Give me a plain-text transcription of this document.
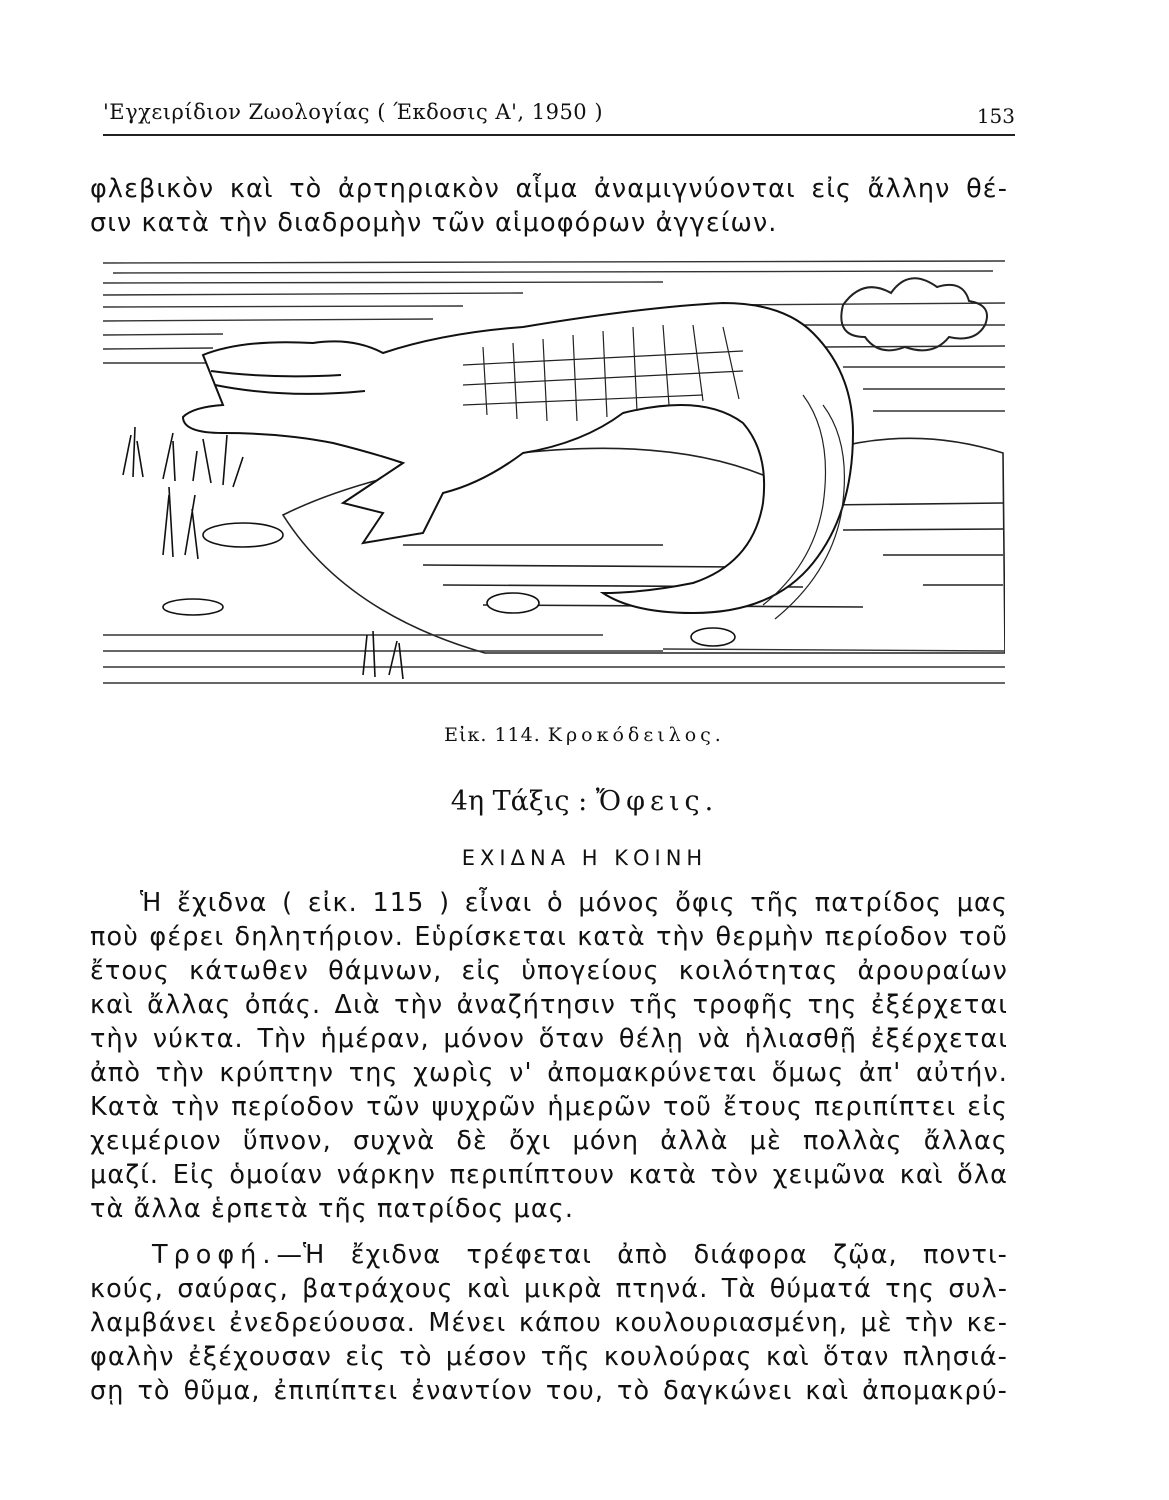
'Εγχειρίδιον Ζωολογίας ( Έκδοσις Α', 1950 )	153

φλεβικὸν καὶ τὸ ἀρτηριακὸν αἷμα ἀναμιγνύονται εἰς ἄλλην θέ-
σιν κατὰ τὴν διαδρομὴν τῶν αἱμοφόρων ἀγγείων.

Εἰκ. 114. Κροκόδειλος.
4η Τάξις : Ὄφεις.
ΕΧΙΔΝΑ Η ΚΟΙΝΗ

Ἡ ἔχιδνα ( εἰκ. 115 ) εἶναι ὁ μόνος ὄφις τῆς πατρίδος μας
ποὺ φέρει δηλητήριον. Εὑρίσκεται κατὰ τὴν θερμὴν περίοδον τοῦ
ἔτους κάτωθεν θάμνων, εἰς ὑπογείους κοιλότητας ἀρουραίων
καὶ ἄλλας ὀπάς. Διὰ τὴν ἀναζήτησιν τῆς τροφῆς της ἐξέρχεται
τὴν νύκτα. Τὴν ἡμέραν, μόνον ὅταν θέλῃ νὰ ἡλιασθῇ ἐξέρχεται
ἀπὸ τὴν κρύπτην της χωρὶς ν' ἀπομακρύνεται ὅμως ἀπ' αὐτήν.
Κατὰ τὴν περίοδον τῶν ψυχρῶν ἡμερῶν τοῦ ἔτους περιπίπτει εἰς
χειμέριον ὕπνον, συχνὰ δὲ ὄχι μόνη ἀλλὰ μὲ πολλὰς ἄλλας
μαζί. Εἰς ὁμοίαν νάρκην περιπίπτουν κατὰ τὸν χειμῶνα καὶ ὅλα
τὰ ἄλλα ἑρπετὰ τῆς πατρίδος μας.

Τροφή.—Ἡ ἔχιδνα τρέφεται ἀπὸ διάφορα ζῷα, ποντι-
κούς, σαύρας, βατράχους καὶ μικρὰ πτηνά. Τὰ θύματά της συλ-
λαμβάνει ἐνεδρεύουσα. Μένει κάπου κουλουριασμένη, μὲ τὴν κε-
φαλὴν ἐξέχουσαν εἰς τὸ μέσον τῆς κουλούρας καὶ ὅταν πλησιά-
σῃ τὸ θῦμα, ἐπιπίπτει ἐναντίον του, τὸ δαγκώνει καὶ ἀπομακρύ-
